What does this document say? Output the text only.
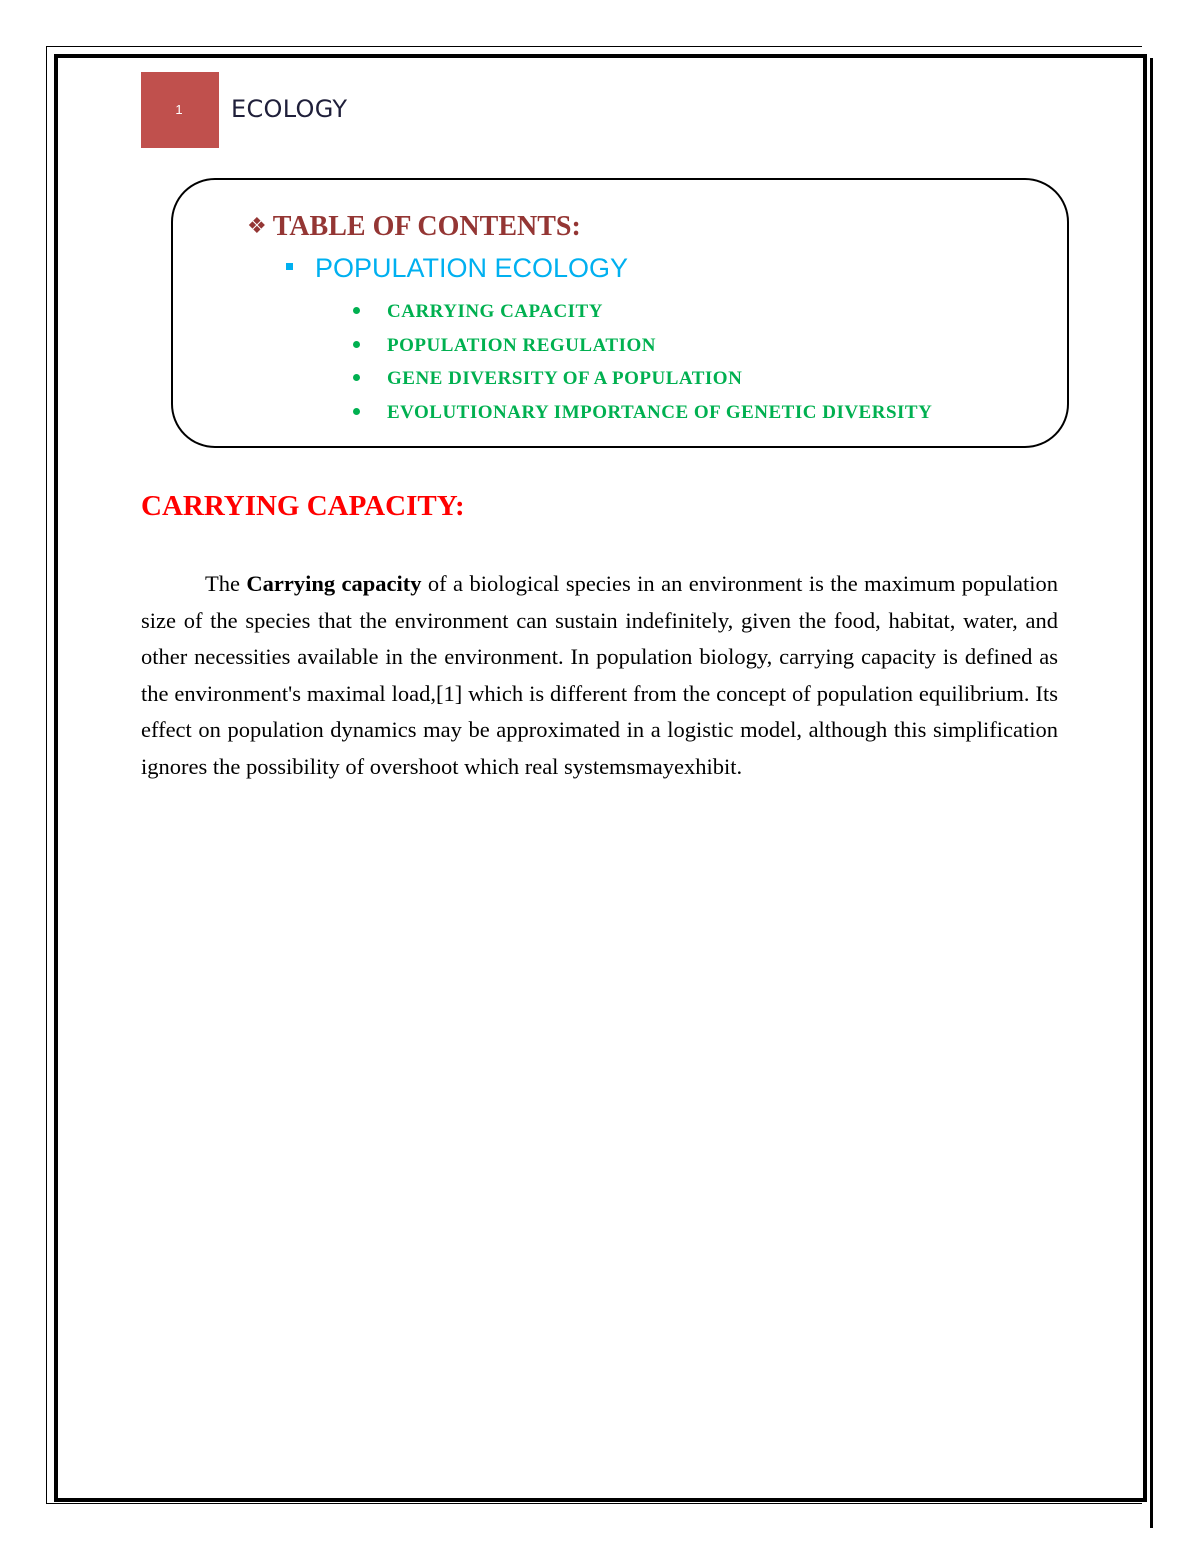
1	ECOLOGY
❖ TABLE OF CONTENTS:
POPULATION ECOLOGY
CARRYING CAPACITY
POPULATION REGULATION
GENE DIVERSITY OF A POPULATION
EVOLUTIONARY IMPORTANCE OF GENETIC DIVERSITY
CARRYING CAPACITY:

The Carrying capacity of a biological species in an environment is the maximum population size of the species that the environment can sustain indefinitely, given the food, habitat, water, and other necessities available in the environment. In population biology, carrying capacity is defined as the environment's maximal load,[1] which is different from the concept of population equilibrium. Its effect on population dynamics may be approximated in a logistic model, although this simplification ignores the possibility of overshoot which real systemsmayexhibit.
